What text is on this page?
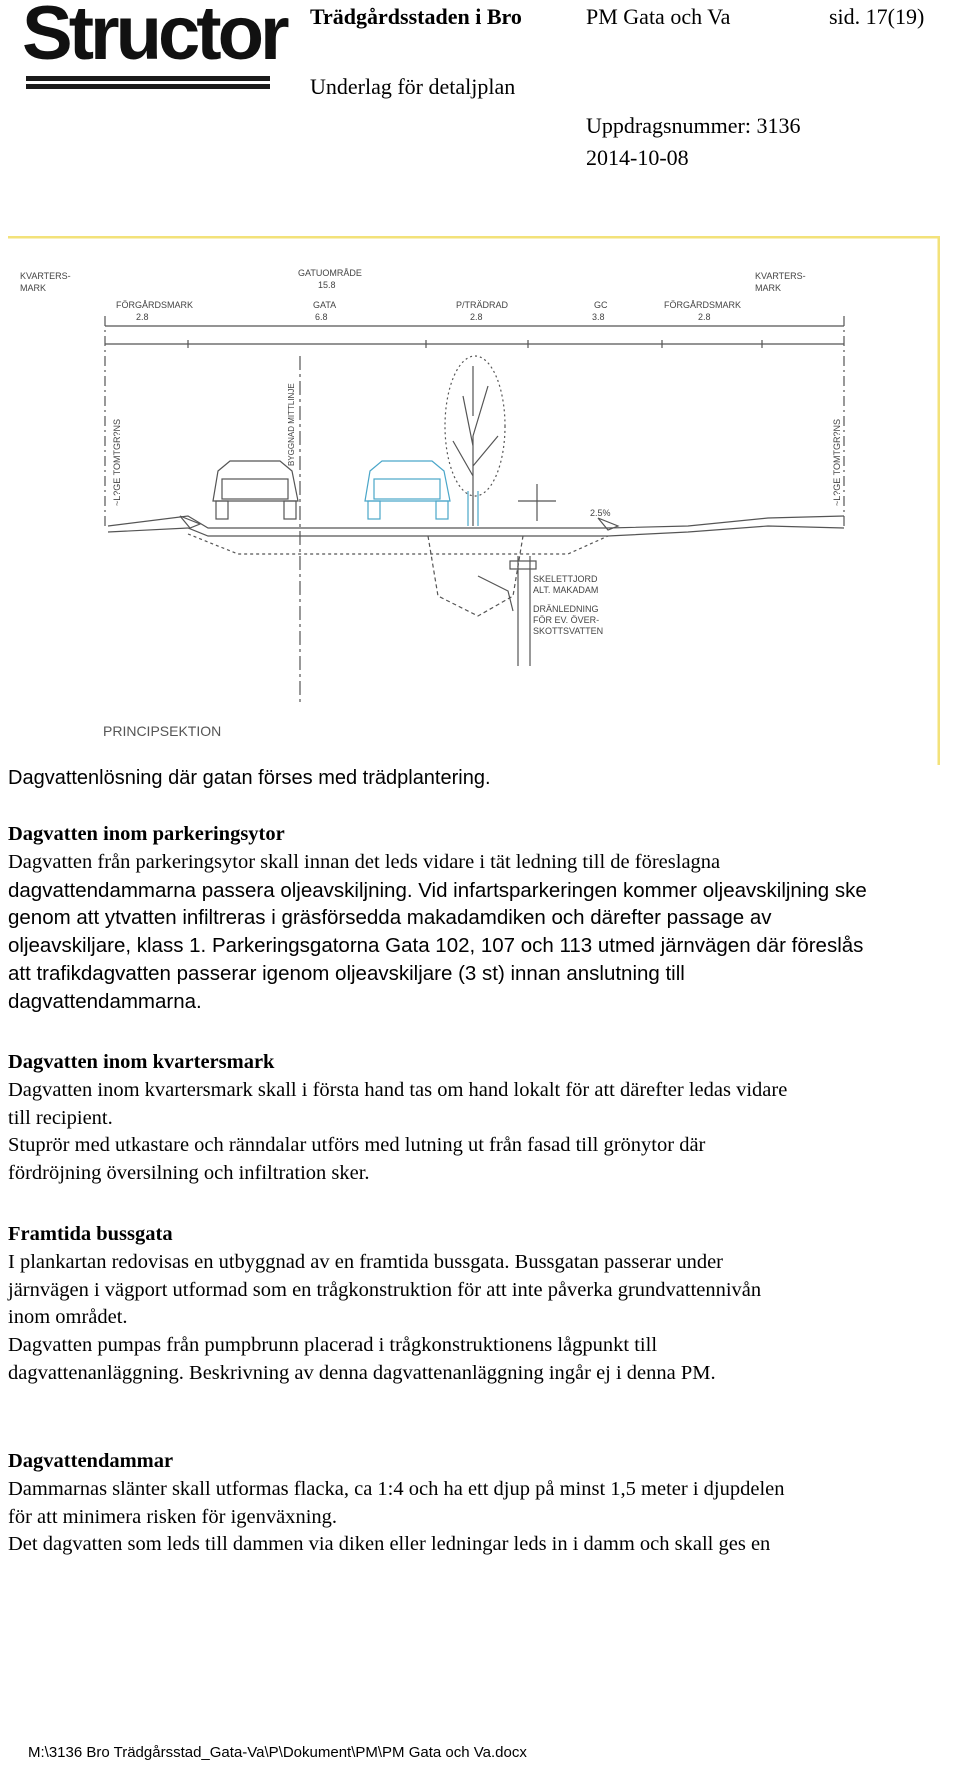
Structor Trädgårdsstaden i Bro	PM Gata och Va	sid. 17(19)
Underlag för detaljplan
Uppdragsnummer: 3136
2014-10-08
KVARTERS-
MARK
KVARTERS-
MARK
GATUOMRÅDE
15.8
FÖRGÅRDSMARK
2.8
GATA
6.8
P/TRÄDRAD
2.8
GC
3.8
FÖRGÅRDSMARK
2.8
2.5%
SKELETTJORD
ALT. MAKADAM
DRÄNLEDNING
FÖR EV. ÖVER-
SKOTTSVATTEN
~L?GE TOMTGR?NS	~L?GE TOMTGR?NS
BYGGNAD MITTLINJE
PRINCIPSEKTION
Dagvattenlösning där gatan förses med trädplantering.
Dagvatten inom parkeringsytor

Dagvatten från parkeringsytor skall innan det leds vidare i tät ledning till de föreslagna

dagvattendammarna passera oljeavskiljning. Vid infartsparkeringen kommer oljeavskiljning ske

genom att ytvatten infiltreras i gräsförsedda makadamdiken och därefter passage av

oljeavskiljare, klass 1. Parkeringsgatorna Gata 102, 107 och 113 utmed järnvägen där föreslås

att trafikdagvatten passerar igenom oljeavskiljare (3 st) innan anslutning till

dagvattendammarna.

Dagvatten inom kvartersmark

Dagvatten inom kvartersmark skall i första hand tas om hand lokalt för att därefter ledas vidare

till recipient.

Stuprör med utkastare och ränndalar utförs med lutning ut från fasad till grönytor där

fördröjning översilning och infiltration sker.

Framtida bussgata

I plankartan redovisas en utbyggnad av en framtida bussgata. Bussgatan passerar under

järnvägen i vägport utformad som en trågkonstruktion för att inte påverka grundvattennivån

inom området.

Dagvatten pumpas från pumpbrunn placerad i trågkonstruktionens lågpunkt till

dagvattenanläggning. Beskrivning av denna dagvattenanläggning ingår ej i denna PM.

Dagvattendammar

Dammarnas slänter skall utformas flacka, ca 1:4 och ha ett djup på minst 1,5 meter i djupdelen

för att minimera risken för igenväxning.

Det dagvatten som leds till dammen via diken eller ledningar leds in i damm och skall ges en

M:\3136 Bro Trädgårsstad_Gata-Va\P\Dokument\PM\PM Gata och Va.docx
